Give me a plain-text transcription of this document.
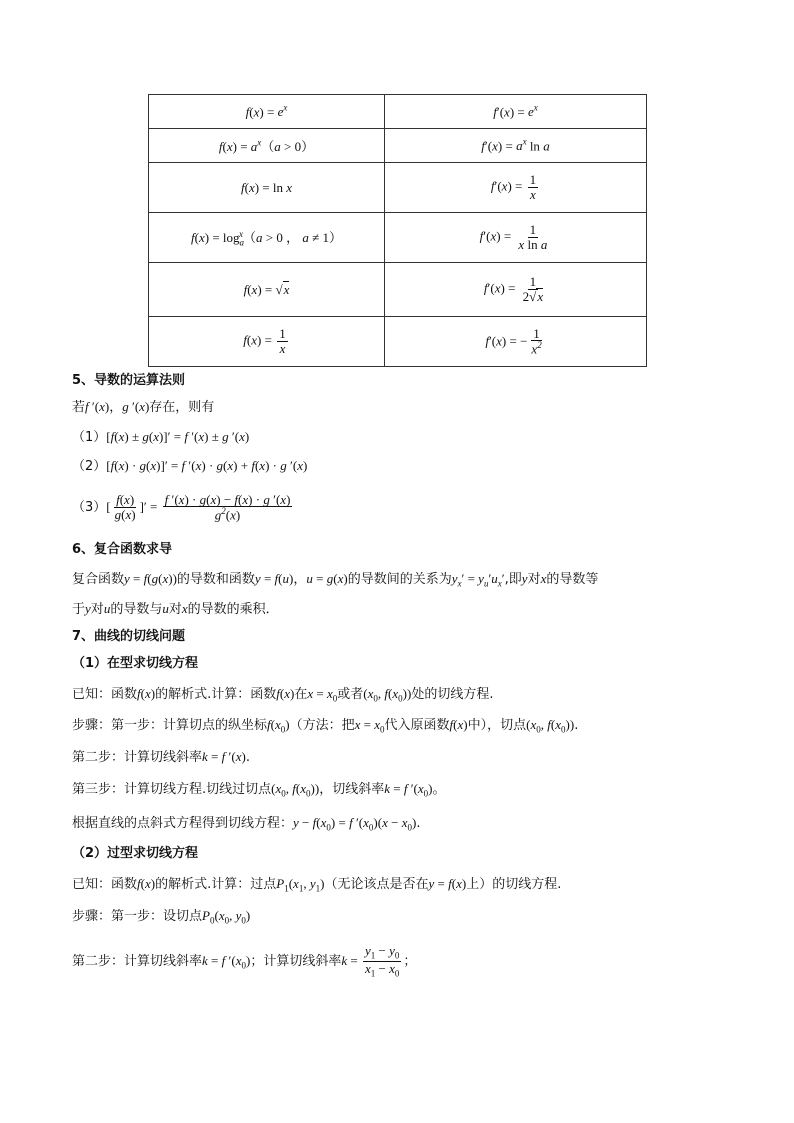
$f(x) = e^x$	$f'(x) = e^x$
$f(x) = a^x(a > 0)$	$f'(x) = a^x$ ln a
f(x) = ln x	$f'(x) = \frac{1}{x}$

$f(x) = \log_a^x(a > 0$ ， a ≠ 1）	$f'(x) = \frac{1}{\text{x ln a}}$

f(x) = √x	$f'(x) = \frac{1}{2√x}$

$f(x) = \frac{1}{x}$	f′(x) = − $\frac{1}{x^2}$
5、导数的运算法则
若f ′(x)，g ′(x)存在，则有
（1）[f(x) ± g(x)]′ = f ′(x) ± g ′(x)
（2）[f(x) · g(x)]′ = f ′(x) · g(x) + f(x) · g ′(x)
$(3)[ \frac{f(x)}{g(x)}$ ]′ = $\frac{f '(x) \cdot g(x) - f(x) \cdot g '(x)}{g^2(x)}$
6、复合函数求导
复合函数y = f(g(x))的导数和函数y = f(u)，u = g(x)的导数间的关系为$y_x' = y_u'u_x'$,即y对x的导数等
于y对u的导数与u对x的导数的乘积．
7、曲线的切线问题
（1）在型求切线方程
已知：函数f(x)的解析式.计算：函数f(x)在$x = x_0$或者($x_0$, $f(x_0)$)处的切线方程.
步骤：第一步：计算切点的纵坐标$f(x_0)$（方法：把$x = x_0$代入原函数f(x)中），切点($x_0$, $f(x_0)$).
第二步：计算切线斜率k = f ′(x).
第三步：计算切线方程.切线过切点($x_0$, $f(x_0)$)，切线斜率k = f $'(x_0)$。
根据直线的点斜式方程得到切线方程：$y - f(x_0) = f$ $'(x_0)(x - x_0)$.
（2）过型求切线方程
已知：函数f(x)的解析式.计算：过点$P_1(x_1$, $y_1$)（无论该点是否在y = f(x)上）的切线方程.
步骤：第一步：设切点$P_0(x_0$, $y_0$)
第二步：计算切线斜率k = f $'(x_0)$；计算切线斜率$k = \frac{y_1 - y_0}{x_1 - x_0}$ ；
